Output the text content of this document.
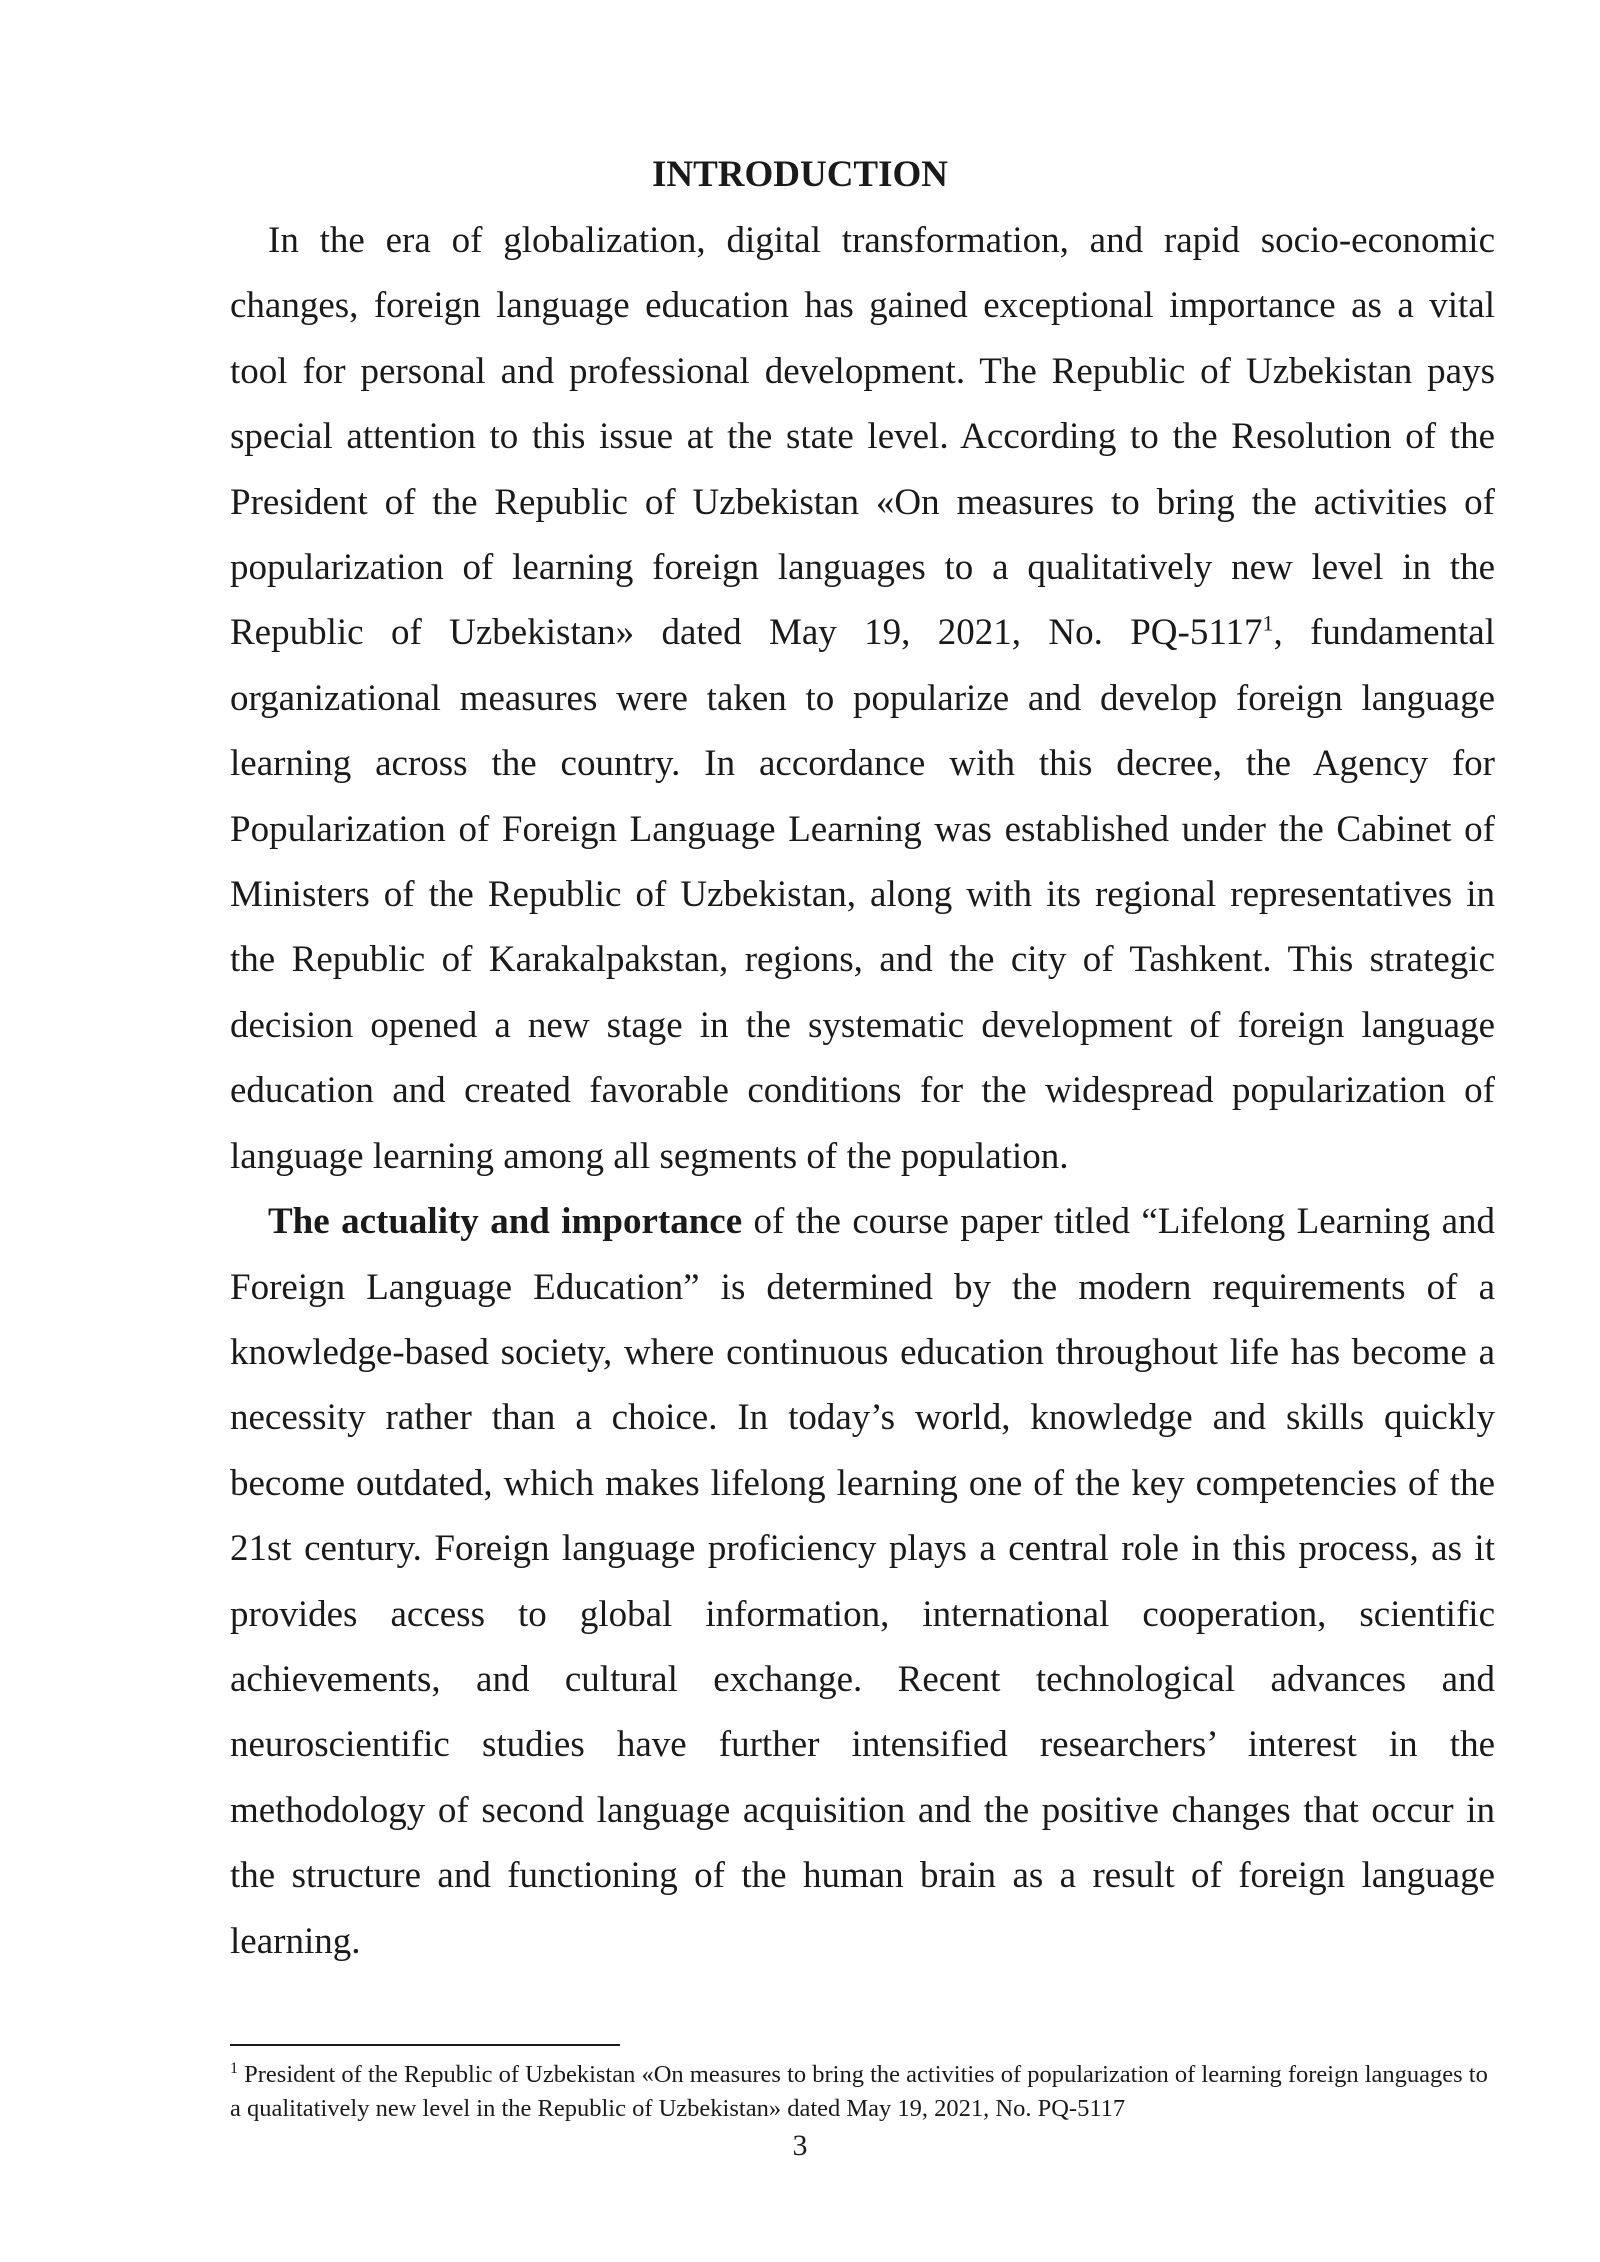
INTRODUCTION

In the era of globalization, digital transformation, and rapid socio-economic changes, foreign language education has gained exceptional importance as a vital tool for personal and professional development. The Republic of Uzbekistan pays special attention to this issue at the state level. According to the Resolution of the President of the Republic of Uzbekistan «On measures to bring the activities of popularization of learning foreign languages to a qualitatively new level in the Republic of Uzbekistan» dated May 19, 2021, No. PQ-5117$^1$, fundamental organizational measures were taken to popularize and develop foreign language learning across the country. In accordance with this decree, the Agency for Popularization of Foreign Language Learning was established under the Cabinet of Ministers of the Republic of Uzbekistan, along with its regional representatives in the Republic of Karakalpakstan, regions, and the city of Tashkent. This strategic decision opened a new stage in the systematic development of foreign language education and created favorable conditions for the widespread popularization of language learning among all segments of the population.

The actuality and importance of the course paper titled “Lifelong Learning and Foreign Language Education” is determined by the modern requirements of a knowledge-based society, where continuous education throughout life has become a necessity rather than a choice. In today’s world, knowledge and skills quickly become outdated, which makes lifelong learning one of the key competencies of the 21st century. Foreign language proficiency plays a central role in this process, as it provides access to global information, international cooperation, scientific achievements, and cultural exchange. Recent technological advances and neuroscientific studies have further intensified researchers’ interest in the methodology of second language acquisition and the positive changes that occur in the structure and functioning of the human brain as a result of foreign language learning.

$^1$ President of the Republic of Uzbekistan «On measures to bring the activities of popularization of learning foreign languages to a qualitatively new level in the Republic of Uzbekistan» dated May 19, 2021, No. PQ-5117

3
